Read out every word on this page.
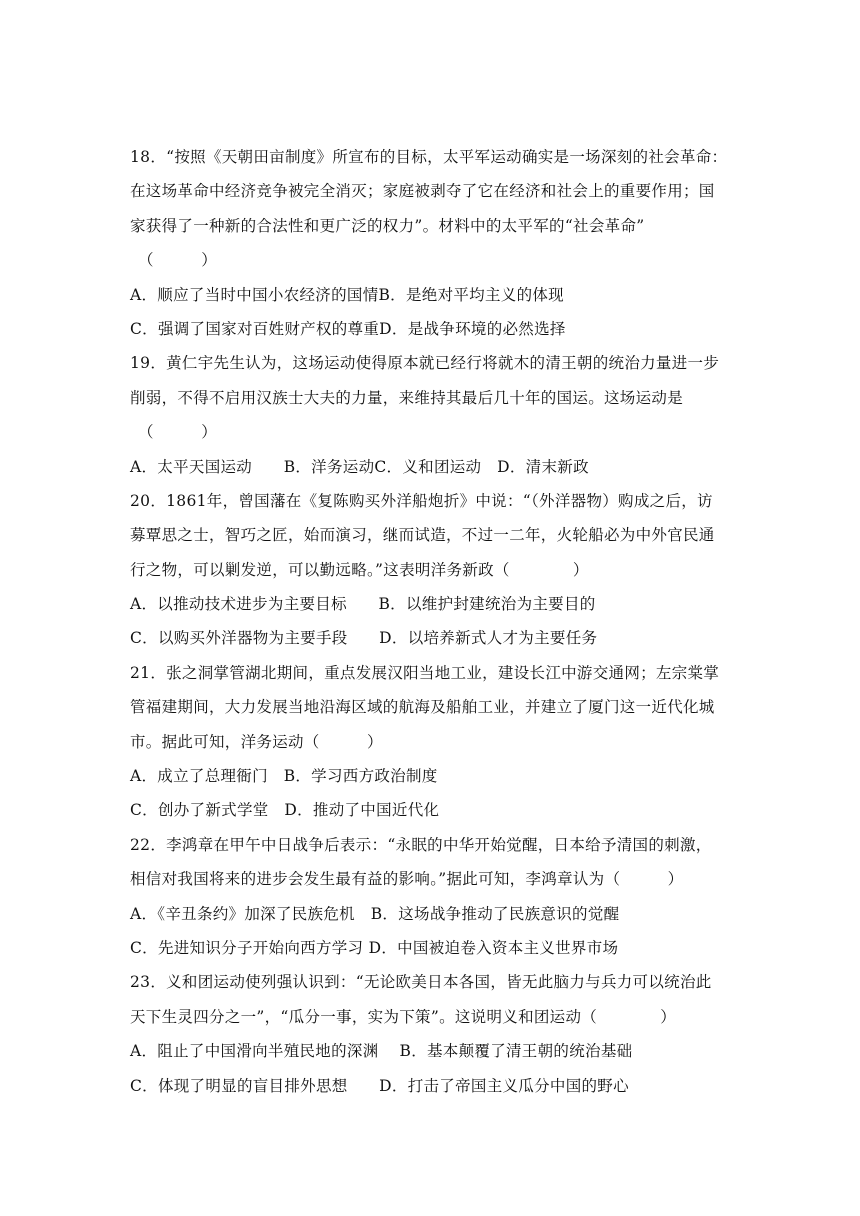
18．“按照《天朝田亩制度》所宣布的目标，太平军运动确实是一场深刻的社会革命：
在这场革命中经济竞争被完全消灭；家庭被剥夺了它在经济和社会上的重要作用；国
家获得了一种新的合法性和更广泛的权力”。材料中的太平军的“社会革命”
（　　　）
A．顺应了当时中国小农经济的国情B．是绝对平均主义的体现
C．强调了国家对百姓财产权的尊重D．是战争环境的必然选择
19．黄仁宇先生认为，这场运动使得原本就已经行将就木的清王朝的统治力量进一步
削弱，不得不启用汉族士大夫的力量，来维持其最后几十年的国运。这场运动是
（　　　）
A．太平天国运动　　B．洋务运动C．义和团运动　D．清末新政
20．1861年，曾国藩在《复陈购买外洋船炮折》中说：“（外洋器物）购成之后，访
募覃思之士，智巧之匠，始而演习，继而试造，不过一二年，火轮船必为中外官民通
行之物，可以剿发逆，可以勤远略。”这表明洋务新政（　　　　）
A．以推动技术进步为主要目标　　B．以维护封建统治为主要目的
C．以购买外洋器物为主要手段　　D．以培养新式人才为主要任务
21．张之洞掌管湖北期间，重点发展汉阳当地工业，建设长江中游交通网；左宗棠掌
管福建期间，大力发展当地沿海区域的航海及船舶工业，并建立了厦门这一近代化城
市。据此可知，洋务运动（　　　）
A．成立了总理衙门　B．学习西方政治制度
C．创办了新式学堂　D．推动了中国近代化
22．李鸿章在甲午中日战争后表示：“永眠的中华开始觉醒，日本给予清国的刺激，
相信对我国将来的进步会发生最有益的影响。”据此可知，李鸿章认为（　　　）
A．《辛丑条约》加深了民族危机　B．这场战争推动了民族意识的觉醒
C．先进知识分子开始向西方学习 D．中国被迫卷入资本主义世界市场
23．义和团运动使列强认识到：“无论欧美日本各国，皆无此脑力与兵力可以统治此
天下生灵四分之一”，“瓜分一事，实为下策”。这说明义和团运动（　　　　）
A．阻止了中国滑向半殖民地的深渊　 B．基本颠覆了清王朝的统治基础
C．体现了明显的盲目排外思想　　D．打击了帝国主义瓜分中国的野心
